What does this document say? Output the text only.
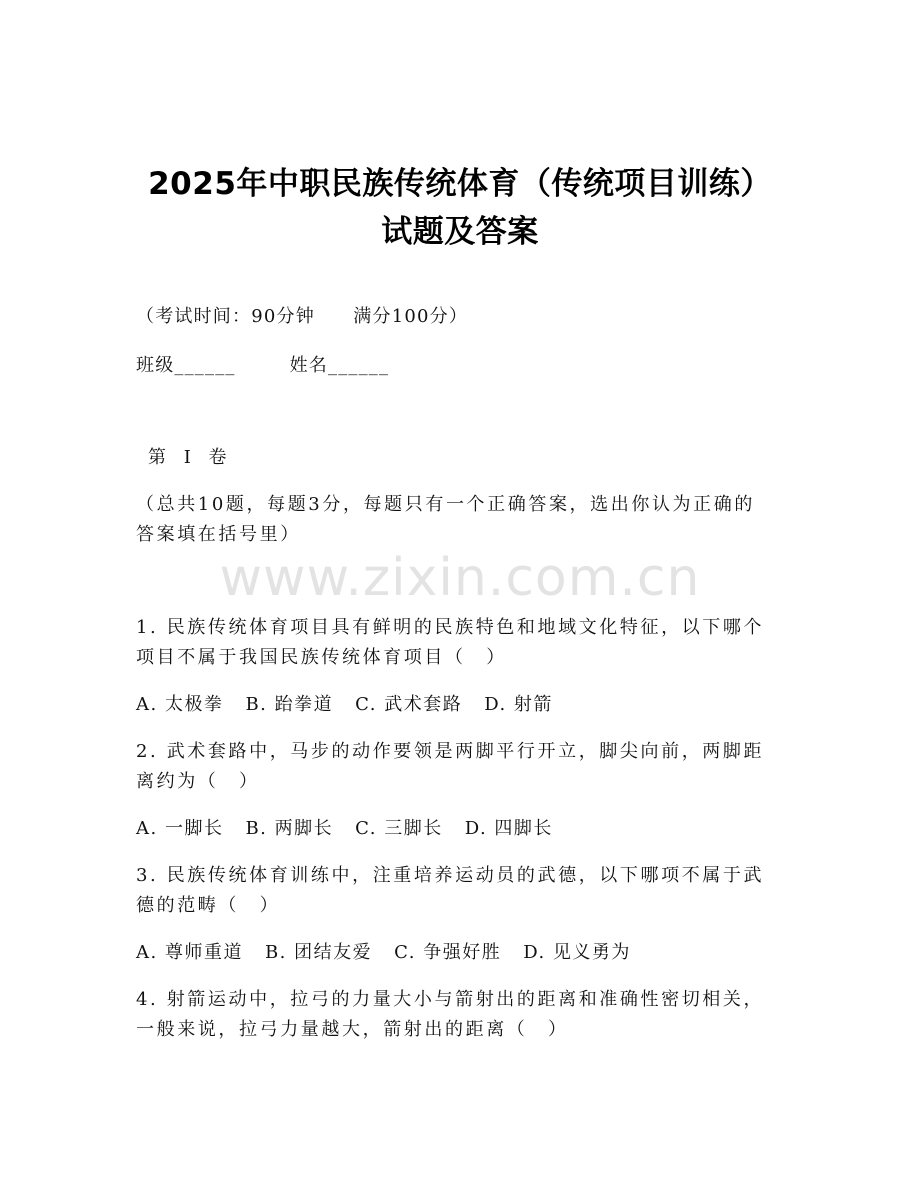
2025年中职民族传统体育（传统项目训练）
试题及答案
（考试时间：90分钟　　满分100分）
班级______	姓名______
第 I 卷
（总共10题，每题3分，每题只有一个正确答案，选出你认为正确的
答案填在括号里）
www.zixin.com.cn
1. 民族传统体育项目具有鲜明的民族特色和地域文化特征，以下哪个
项目不属于我国民族传统体育项目（　）
A. 太极拳 B. 跆拳道 C. 武术套路 D. 射箭
2. 武术套路中，马步的动作要领是两脚平行开立，脚尖向前，两脚距
离约为（　）
A. 一脚长 B. 两脚长 C. 三脚长 D. 四脚长
3. 民族传统体育训练中，注重培养运动员的武德，以下哪项不属于武
德的范畴（　）
A. 尊师重道 B. 团结友爱 C. 争强好胜 D. 见义勇为
4. 射箭运动中，拉弓的力量大小与箭射出的距离和准确性密切相关，
一般来说，拉弓力量越大，箭射出的距离（　）
